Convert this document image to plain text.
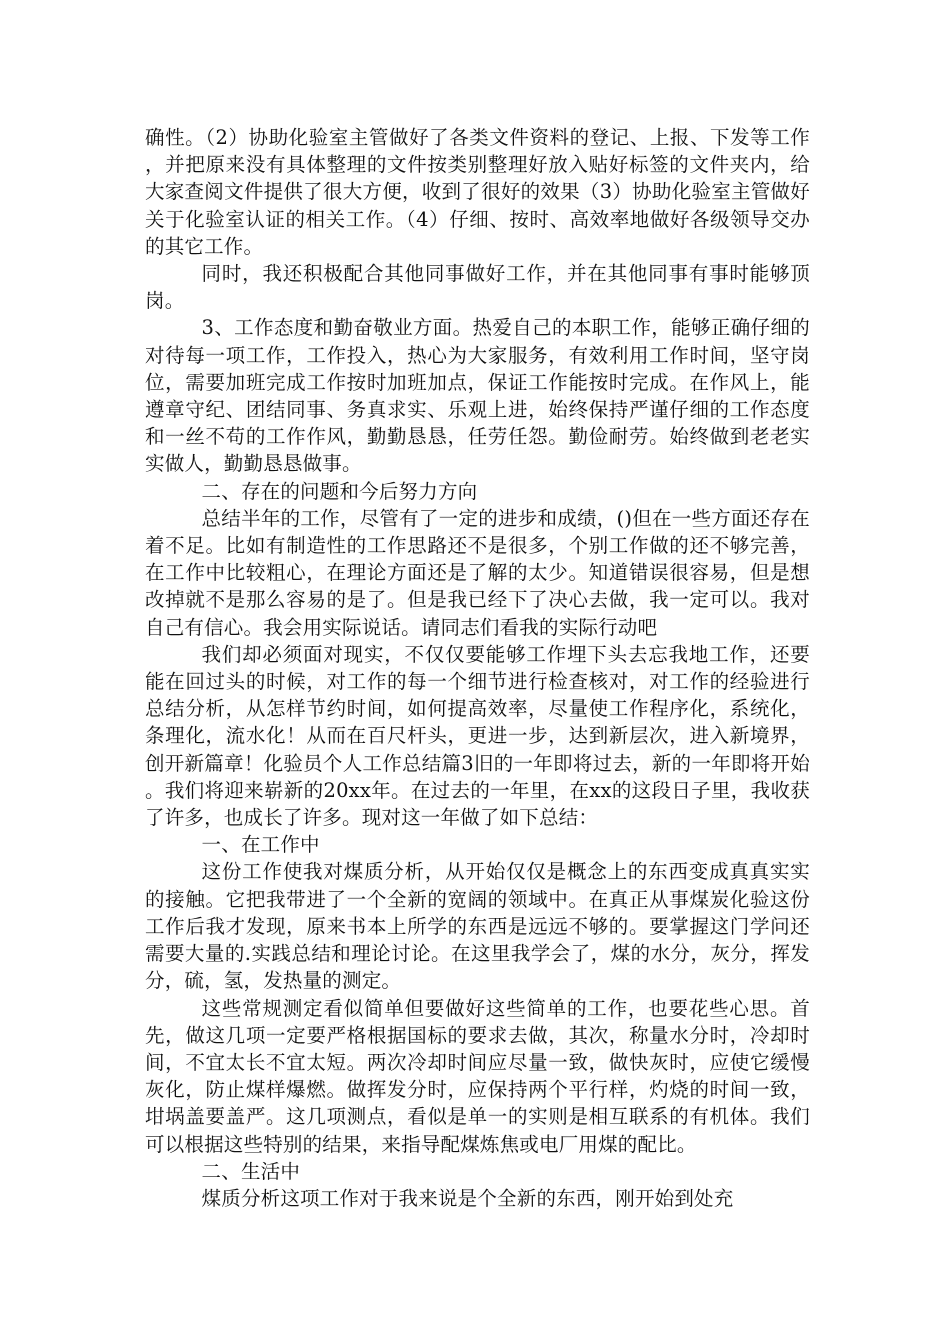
确性。（2）协助化验室主管做好了各类文件资料的登记、上报、下发等工作，并把原来没有具体整理的文件按类别整理好放入贴好标签的文件夹内，给大家查阅文件提供了很大方便，收到了很好的效果（3）协助化验室主管做好关于化验室认证的相关工作。（4）仔细、按时、高效率地做好各级领导交办的其它工作。

同时，我还积极配合其他同事做好工作，并在其他同事有事时能够顶岗。

3、工作态度和勤奋敬业方面。热爱自己的本职工作，能够正确仔细的对待每一项工作，工作投入，热心为大家服务，有效利用工作时间，坚守岗位，需要加班完成工作按时加班加点，保证工作能按时完成。在作风上，能遵章守纪、团结同事、务真求实、乐观上进，始终保持严谨仔细的工作态度和一丝不苟的工作作风，勤勤恳恳，任劳任怨。勤俭耐劳。始终做到老老实实做人，勤勤恳恳做事。

二、存在的问题和今后努力方向

总结半年的工作，尽管有了一定的进步和成绩，()但在一些方面还存在着不足。比如有制造性的工作思路还不是很多，个别工作做的还不够完善，在工作中比较粗心，在理论方面还是了解的太少。知道错误很容易，但是想改掉就不是那么容易的是了。但是我已经下了决心去做，我一定可以。我对自己有信心。我会用实际说话。请同志们看我的实际行动吧

我们却必须面对现实，不仅仅要能够工作埋下头去忘我地工作，还要能在回过头的时候，对工作的每一个细节进行检查核对，对工作的经验进行总结分析，从怎样节约时间，如何提高效率，尽量使工作程序化，系统化，条理化，流水化！从而在百尺杆头，更进一步，达到新层次，进入新境界，创开新篇章！化验员个人工作总结篇3旧的一年即将过去，新的一年即将开始。我们将迎来崭新的20xx年。在过去的一年里，在xx的这段日子里，我收获了许多，也成长了许多。现对这一年做了如下总结：

一、在工作中

这份工作使我对煤质分析，从开始仅仅是概念上的东西变成真真实实的接触。它把我带进了一个全新的宽阔的领域中。在真正从事煤炭化验这份工作后我才发现，原来书本上所学的东西是远远不够的。要掌握这门学问还需要大量的.实践总结和理论讨论。在这里我学会了，煤的水分，灰分，挥发分，硫，氢，发热量的测定。

这些常规测定看似简单但要做好这些简单的工作，也要花些心思。首先，做这几项一定要严格根据国标的要求去做，其次，称量水分时，冷却时间，不宜太长不宜太短。两次冷却时间应尽量一致，做快灰时，应使它缓慢灰化，防止煤样爆燃。做挥发分时，应保持两个平行样，灼烧的时间一致，坩埚盖要盖严。这几项测点，看似是单一的实则是相互联系的有机体。我们可以根据这些特别的结果，来指导配煤炼焦或电厂用煤的配比。

二、生活中

煤质分析这项工作对于我来说是个全新的东西，刚开始到处充
